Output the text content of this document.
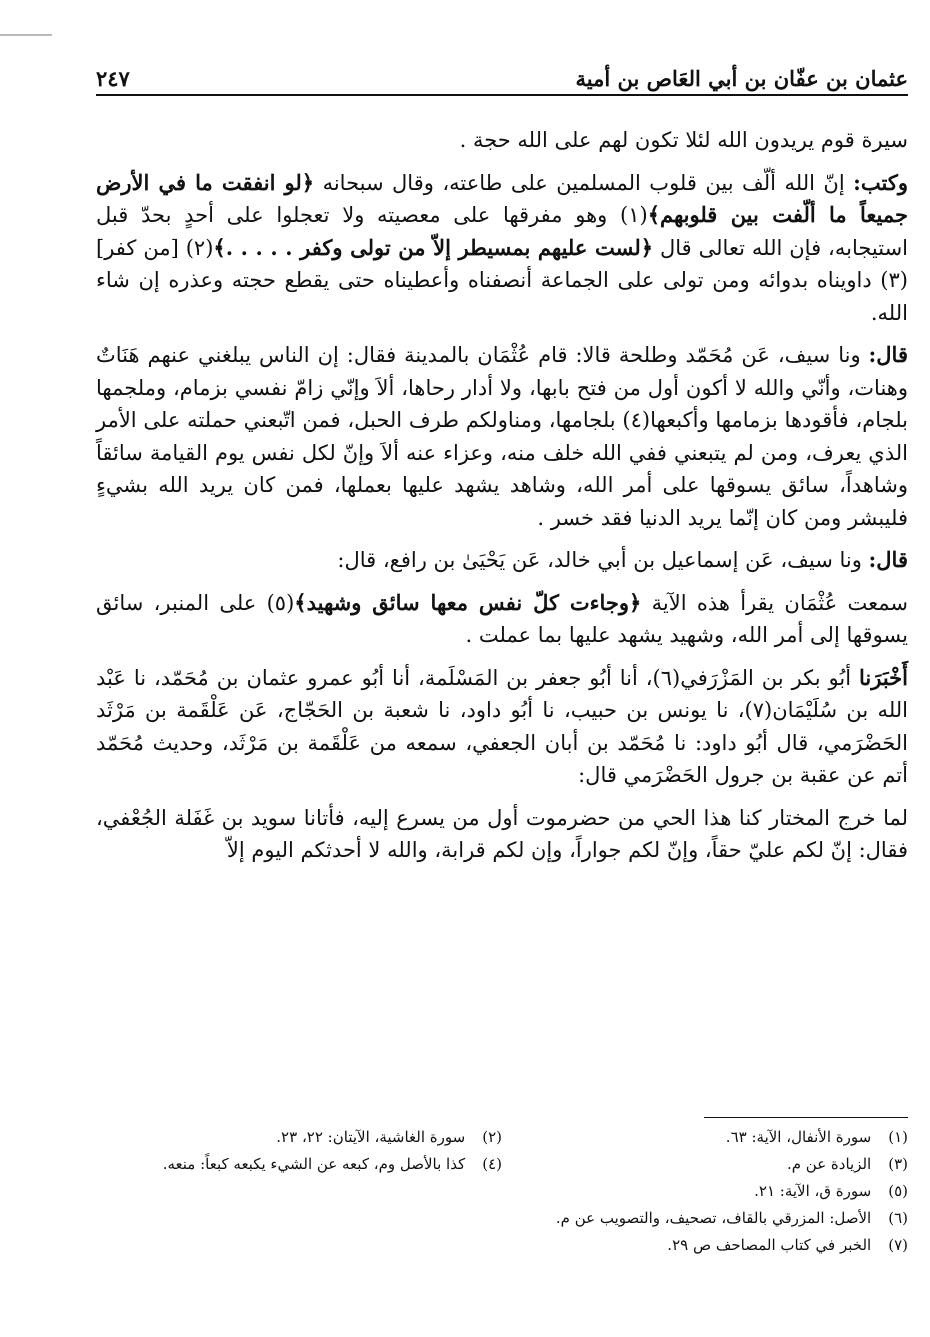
عثمان بن عفّان بن أبي العَاص بن أمية
٢٤٧

سيرة قوم يريدون الله لئلا تكون لهم على الله حجة .

وكتب: إنّ الله ألّف بين قلوب المسلمين على طاعته، وقال سبحانه ﴿لو انفقت ما في الأرض جميعاً ما ألّفت بين قلوبهم﴾(١) وهو مفرقها على معصيته ولا تعجلوا على أحدٍ بحدّ قبل استيجابه، فإن الله تعالى قال ﴿لست عليهم بمسيطر إلاّ من تولى وكفر . . . . .﴾(٢) [من كفر] (٣) داويناه بدوائه ومن تولى على الجماعة أنصفناه وأعطيناه حتى يقطع حجته وعذره إن شاء الله.

قال: ونا سيف، عَن مُحَمّد وطلحة قالا: قام عُثْمَان بالمدينة فقال: إن الناس يبلغني عنهم هَنَاتٌ وهنات، وأنّي والله لا أكون أول من فتح بابها، ولا أدار رحاها، ألاَ وإنّي زامّ نفسي بزمام، وملجمها بلجام، فأقودها بزمامها وأكبعها(٤) بلجامها، ومناولكم طرف الحبل، فمن اتّبعني حملته على الأمر الذي يعرف، ومن لم يتبعني ففي الله خلف منه، وعزاء عنه ألاَ وإنّ لكل نفس يوم القيامة سائقاً وشاهداً، سائق يسوقها على أمر الله، وشاهد يشهد عليها بعملها، فمن كان يريد الله بشيءٍ فليبشر ومن كان إنّما يريد الدنيا فقد خسر .

قال: ونا سيف، عَن إسماعيل بن أبي خالد، عَن يَحْيَىٰ بن رافع، قال:

سمعت عُثْمَان يقرأ هذه الآية ﴿وجاءت كلّ نفس معها سائق وشهيد﴾(٥) على المنبر، سائق يسوقها إلى أمر الله، وشهيد يشهد عليها بما عملت .

أَخْبَرَنا أبُو بكر بن المَزْرَفي(٦)، أنا أبُو جعفر بن المَسْلَمة، أنا أبُو عمرو عثمان بن مُحَمّد، نا عَبْد الله بن سُلَيْمَان(٧)، نا يونس بن حبيب، نا أبُو داود، نا شعبة بن الحَجّاج، عَن عَلْقَمة بن مَرْثَد الحَضْرَمي، قال أبُو داود: نا مُحَمّد بن أبان الجعفي، سمعه من عَلْقَمة بن مَرْثَد، وحديث مُحَمّد أتم عن عقبة بن جرول الحَضْرَمي قال:

لما خرج المختار كنا هذا الحي من حضرموت أول من يسرع إليه، فأتانا سويد بن غَفَلة الجُعْفي، فقال: إنّ لكم عليّ حقاً، وإنّ لكم جواراً، وإن لكم قرابة، والله لا أحدثكم اليوم إلاّ

(١) سورة الأنفال، الآية: ٦٣.
(٢) سورة الغاشية، الآيتان: ٢٢، ٢٣.
(٣) الزيادة عن م.
(٤) كذا بالأصل وم، كبعه عن الشيء يكبعه كبعاً: منعه.
(٥) سورة ق، الآية: ٢١.
(٦) الأصل: المزرقي بالقاف، تصحيف، والتصويب عن م.
(٧) الخبر في كتاب المصاحف ص ٢٩.
